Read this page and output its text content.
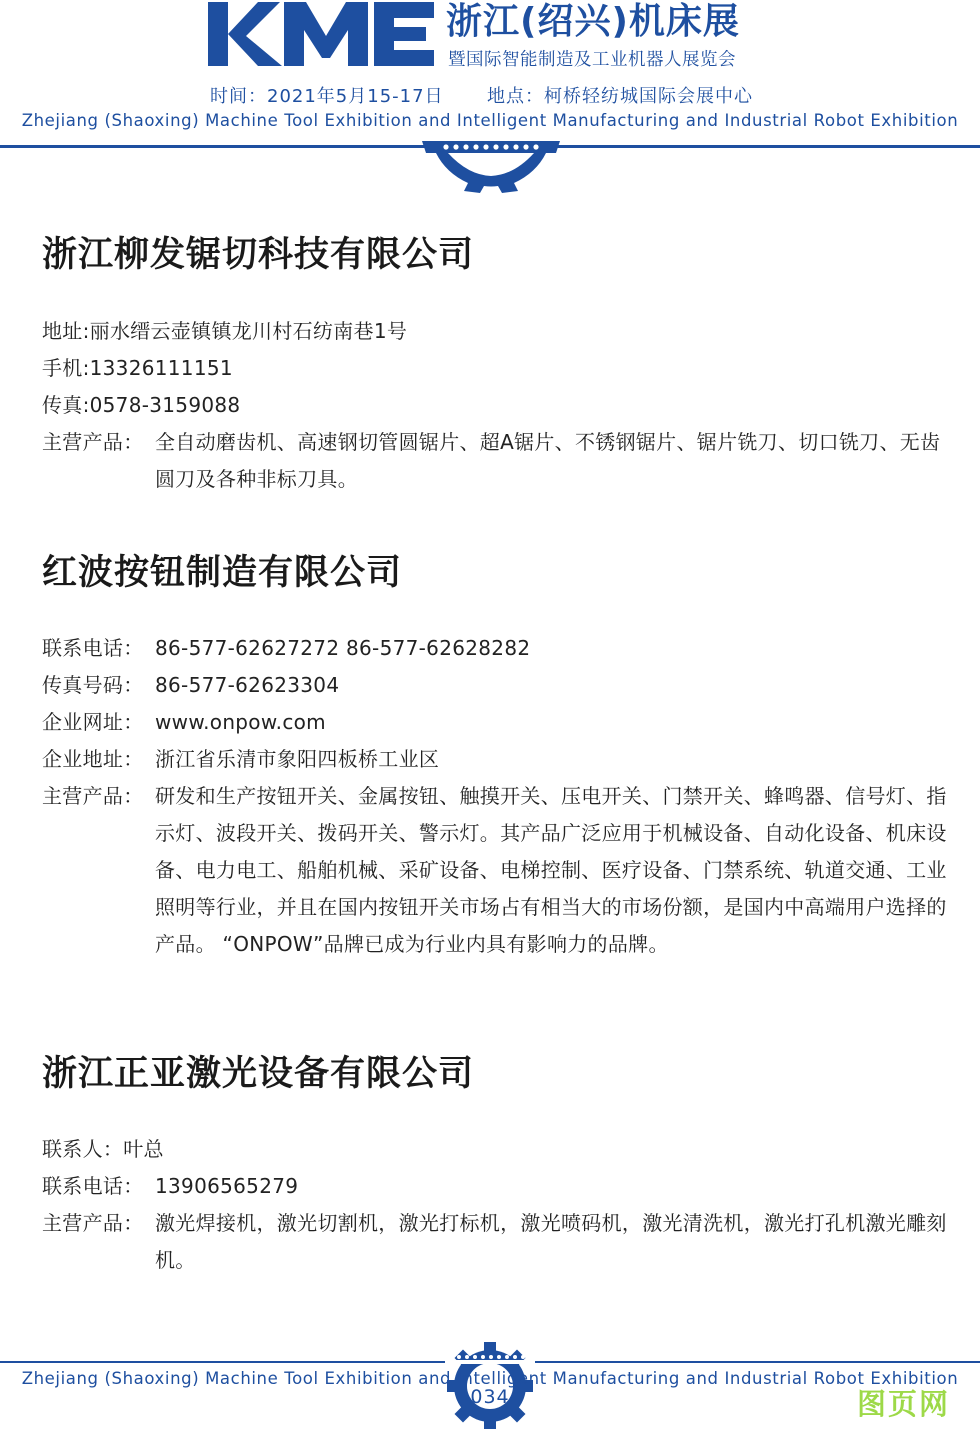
浙江(绍兴)机床展
暨国际智能制造及工业机器人展览会
时间：2021年5月15-17日 地点：柯桥轻纺城国际会展中心
Zhejiang (Shaoxing) Machine Tool Exhibition and Intelligent Manufacturing and Industrial Robot Exhibition
浙江柳发锯切科技有限公司
地址:丽水缙云壶镇镇龙川村石纺南巷1号
手机:13326111151
传真:0578-3159088
主营产品： 全自动磨齿机、高速钢切管圆锯片、超A锯片、不锈钢锯片、锯片铣刀、切口铣刀、无齿圆刀及各种非标刀具。
红波按钮制造有限公司
联系电话： 86-577-62627272 86-577-62628282
传真号码： 86-577-62623304
企业网址： www.onpow.com
企业地址： 浙江省乐清市象阳四板桥工业区
主营产品： 研发和生产按钮开关、金属按钮、触摸开关、压电开关、门禁开关、蜂鸣器、信号灯、指示灯、波段开关、拨码开关、警示灯。其产品广泛应用于机械设备、自动化设备、机床设备、电力电工、船舶机械、采矿设备、电梯控制、医疗设备、门禁系统、轨道交通、工业照明等行业，并且在国内按钮开关市场占有相当大的市场份额，是国内中高端用户选择的产品。 “ONPOW”品牌已成为行业内具有影响力的品牌。
浙江正亚激光设备有限公司
联系人： 叶总
联系电话： 13906565279
主营产品： 激光焊接机，激光切割机，激光打标机，激光喷码机，激光清洗机，激光打孔机激光雕刻机。
Zhejiang (Shaoxing) Machine Tool Exhibition and Intelligent Manufacturing and Industrial Robot Exhibition
034	图页网
